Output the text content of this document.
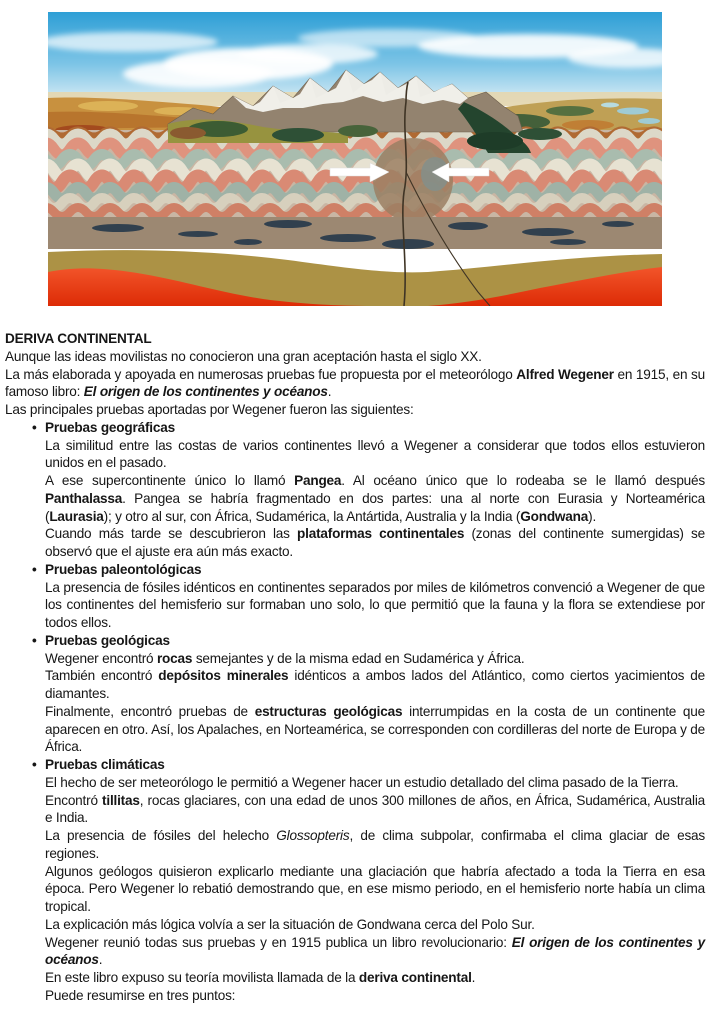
DERIVA CONTINENTAL
Aunque las ideas movilistas no conocieron una gran aceptación hasta el siglo XX.
La más elaborada y apoyada en numerosas pruebas fue propuesta por el meteorólogo Alfred Wegener en 1915, en su famoso libro: El origen de los continentes y océanos.
Las principales pruebas aportadas por Wegener fueron las siguientes:
• Pruebas geográficas
La similitud entre las costas de varios continentes llevó a Wegener a considerar que todos ellos estuvieron unidos en el pasado.
A ese supercontinente único lo llamó Pangea. Al océano único que lo rodeaba se le llamó después Panthalassa. Pangea se habría fragmentado en dos partes: una al norte con Eurasia y Norteamérica (Laurasia); y otro al sur, con África, Sudamérica, la Antártida, Australia y la India (Gondwana).
Cuando más tarde se descubrieron las plataformas continentales (zonas del continente sumergidas) se observó que el ajuste era aún más exacto.
• Pruebas paleontológicas
La presencia de fósiles idénticos en continentes separados por miles de kilómetros convenció a Wegener de que los continentes del hemisferio sur formaban uno solo, lo que permitió que la fauna y la flora se extendiese por todos ellos.
• Pruebas geológicas
Wegener encontró rocas semejantes y de la misma edad en Sudamérica y África.
También encontró depósitos minerales idénticos a ambos lados del Atlántico, como ciertos yacimientos de diamantes.
Finalmente, encontró pruebas de estructuras geológicas interrumpidas en la costa de un continente que aparecen en otro. Así, los Apalaches, en Norteamérica, se corresponden con cordilleras del norte de Europa y de África.
• Pruebas climáticas
El hecho de ser meteorólogo le permitió a Wegener hacer un estudio detallado del clima pasado de la Tierra.
Encontró tillitas, rocas glaciares, con una edad de unos 300 millones de años, en África, Sudamérica, Australia e India.
La presencia de fósiles del helecho Glossopteris, de clima subpolar, confirmaba el clima glaciar de esas regiones.
Algunos geólogos quisieron explicarlo mediante una glaciación que habría afectado a toda la Tierra en esa época. Pero Wegener lo rebatió demostrando que, en ese mismo periodo, en el hemisferio norte había un clima tropical.
La explicación más lógica volvía a ser la situación de Gondwana cerca del Polo Sur.
Wegener reunió todas sus pruebas y en 1915 publica un libro revolucionario: El origen de los continentes y océanos.
En este libro expuso su teoría movilista llamada de la deriva continental.
Puede resumirse en tres puntos:
